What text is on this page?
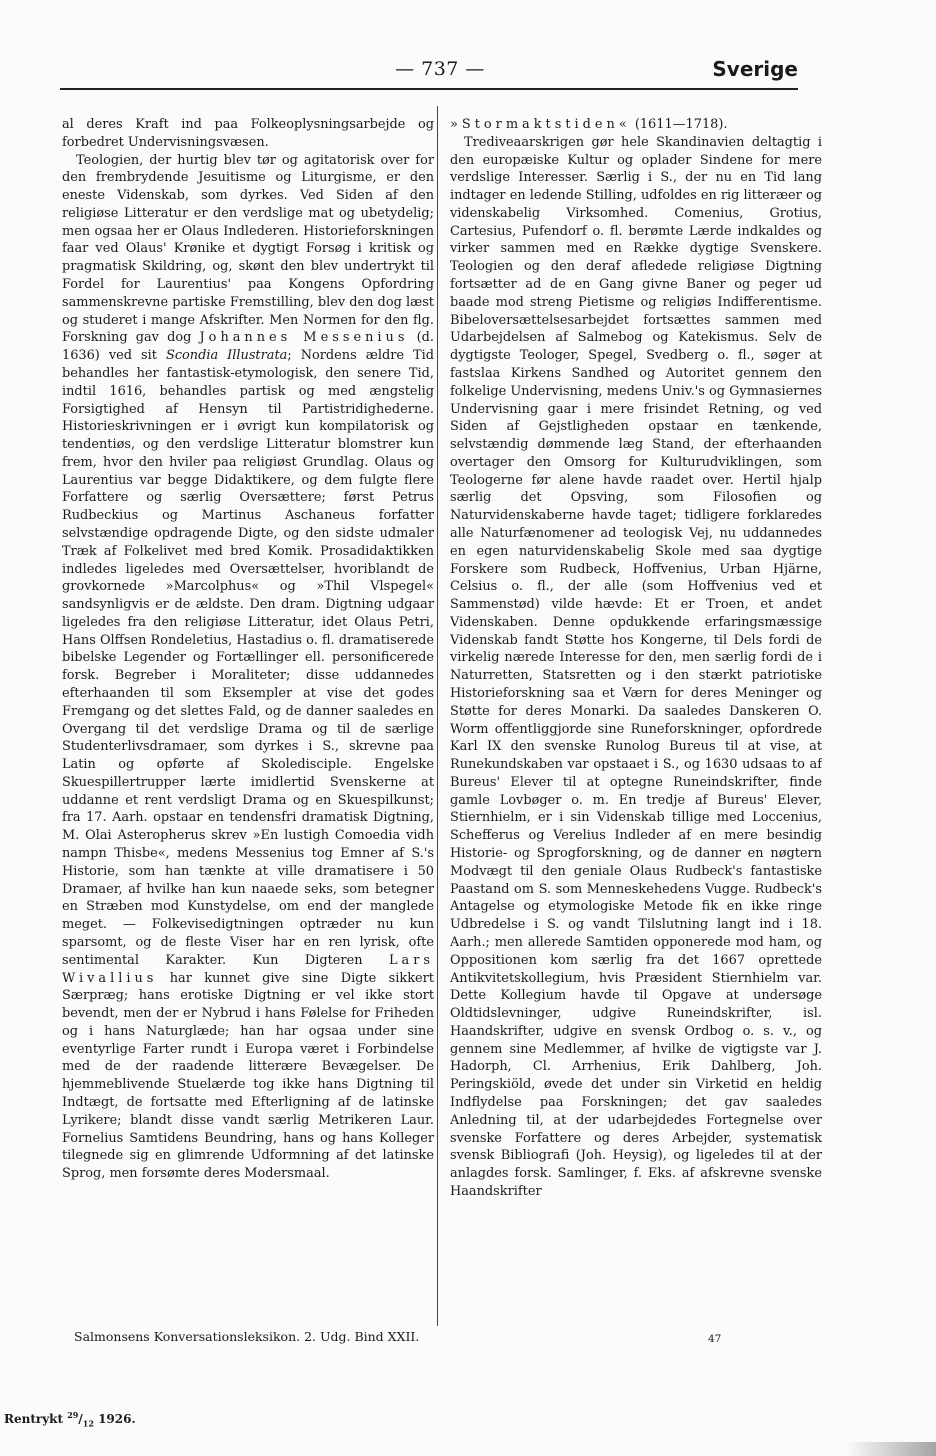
— 737 —	Sverige

al deres Kraft ind paa Folkeoplysningsarbejde og forbedret Undervisningsvæsen.

Teologien, der hurtig blev tør og agitatorisk over for den frembrydende Jesuitisme og Liturgisme, er den eneste Videnskab, som dyrkes. Ved Siden af den religiøse Litteratur er den verdslige mat og ubetydelig; men ogsaa her er Olaus Indlederen. Historieforskningen faar ved Olaus' Krønike et dygtigt Forsøg i kritisk og pragmatisk Skildring, og, skønt den blev undertrykt til Fordel for Laurentius' paa Kongens Opfordring sammenskrevne partiske Fremstilling, blev den dog læst og studeret i mange Afskrifter. Men Normen for den flg. Forskning gav dog Johannes Messenius (d. 1636) ved sit Scondia Illustrata; Nordens ældre Tid behandles her fantastisk-etymologisk, den senere Tid, indtil 1616, behandles partisk og med ængstelig Forsigtighed af Hensyn til Partistridighederne. Historieskrivningen er i øvrigt kun kompilatorisk og tendentiøs, og den verdslige Litteratur blomstrer kun frem, hvor den hviler paa religiøst Grundlag. Olaus og Laurentius var begge Didaktikere, og dem fulgte flere Forfattere og særlig Oversættere; først Petrus Rudbeckius og Martinus Aschaneus forfatter selvstændige opdragende Digte, og den sidste udmaler Træk af Folkelivet med bred Komik. Prosadidaktikken indledes ligeledes med Oversættelser, hvoriblandt de grovkornede »Marcolphus« og »Thil Vlspegel« sandsynligvis er de ældste. Den dram. Digtning udgaar ligeledes fra den religiøse Litteratur, idet Olaus Petri, Hans Olffsen Rondeletius, Hastadius o. fl. dramatiserede bibelske Legender og Fortællinger ell. personificerede forsk. Begreber i Moraliteter; disse uddannedes efterhaanden til som Eksempler at vise det godes Fremgang og det slettes Fald, og de danner saaledes en Overgang til det verdslige Drama og til de særlige Studenterlivsdramaer, som dyrkes i S., skrevne paa Latin og opførte af Skoledisciple. Engelske Skuespillertrupper lærte imidlertid Svenskerne at uddanne et rent verdsligt Drama og en Skuespilkunst; fra 17. Aarh. opstaar en tendensfri dramatisk Digtning, M. Olai Asteropherus skrev »En lustigh Comoedia vidh nampn Thisbe«, medens Messenius tog Emner af S.'s Historie, som han tænkte at ville dramatisere i 50 Dramaer, af hvilke han kun naaede seks, som betegner en Stræben mod Kunstydelse, om end der manglede meget. — Folkevisedigtningen optræder nu kun sparsomt, og de fleste Viser har en ren lyrisk, ofte sentimental Karakter. Kun Digteren Lars Wivallius har kunnet give sine Digte sikkert Særpræg; hans erotiske Digtning er vel ikke stort bevendt, men der er Nybrud i hans Følelse for Friheden og i hans Naturglæde; han har ogsaa under sine eventyrlige Farter rundt i Europa været i Forbindelse med de der raadende litterære Bevægelser. De hjemmeblivende Stuelærde tog ikke hans Digtning til Indtægt, de fortsatte med Efterligning af de latinske Lyrikere; blandt disse vandt særlig Metrikeren Laur. Fornelius Samtidens Beundring, hans og hans Kolleger tilegnede sig en glimrende Udformning af det latinske Sprog, men forsømte deres Modersmaal.

»Stormaktstiden« (1611—1718).

Trediveaarskrigen gør hele Skandinavien deltagtig i den europæiske Kultur og oplader Sindene for mere verdslige Interesser. Særlig i S., der nu en Tid lang indtager en ledende Stilling, udfoldes en rig litteræer og videnskabelig Virksomhed. Comenius, Grotius, Cartesius, Pufendorf o. fl. berømte Lærde indkaldes og virker sammen med en Række dygtige Svenskere. Teologien og den deraf afledede religiøse Digtning fortsætter ad de en Gang givne Baner og peger ud baade mod streng Pietisme og religiøs Indifferentisme. Bibeloversættelsesarbejdet fortsættes sammen med Udarbejdelsen af Salmebog og Katekismus. Selv de dygtigste Teologer, Spegel, Svedberg o. fl., søger at fastslaa Kirkens Sandhed og Autoritet gennem den folkelige Undervisning, medens Univ.'s og Gymnasiernes Undervisning gaar i mere frisindet Retning, og ved Siden af Gejstligheden opstaar en tænkende, selvstændig dømmende læg Stand, der efterhaanden overtager den Omsorg for Kulturudviklingen, som Teologerne før alene havde raadet over. Hertil hjalp særlig det Opsving, som Filosofien og Naturvidenskaberne havde taget; tidligere forklaredes alle Naturfænomener ad teologisk Vej, nu uddannedes en egen naturvidenskabelig Skole med saa dygtige Forskere som Rudbeck, Hoffvenius, Urban Hjärne, Celsius o. fl., der alle (som Hoffvenius ved et Sammenstød) vilde hævde: Et er Troen, et andet Videnskaben. Denne opdukkende erfaringsmæssige Videnskab fandt Støtte hos Kongerne, til Dels fordi de virkelig nærede Interesse for den, men særlig fordi de i Naturretten, Statsretten og i den stærkt patriotiske Historieforskning saa et Værn for deres Meninger og Støtte for deres Monarki. Da saaledes Danskeren O. Worm offentliggjorde sine Runeforskninger, opfordrede Karl IX den svenske Runolog Bureus til at vise, at Runekundskaben var opstaaet i S., og 1630 udsaas to af Bureus' Elever til at optegne Runeindskrifter, finde gamle Lovbøger o. m. En tredje af Bureus' Elever, Stiernhielm, er i sin Videnskab tillige med Loccenius, Schefferus og Verelius Indleder af en mere besindig Historie- og Sprogforskning, og de danner en nøgtern Modvægt til den geniale Olaus Rudbeck's fantastiske Paastand om S. som Menneskehedens Vugge. Rudbeck's Antagelse og etymologiske Metode fik en ikke ringe Udbredelse i S. og vandt Tilslutning langt ind i 18. Aarh.; men allerede Samtiden opponerede mod ham, og Oppositionen kom særlig fra det 1667 oprettede Antikvitetskollegium, hvis Præsident Stiernhielm var. Dette Kollegium havde til Opgave at undersøge Oldtidslevninger, udgive Runeindskrifter, isl. Haandskrifter, udgive en svensk Ordbog o. s. v., og gennem sine Medlemmer, af hvilke de vigtigste var J. Hadorph, Cl. Arrhenius, Erik Dahlberg, Joh. Peringskiöld, øvede det under sin Virketid en heldig Indflydelse paa Forskningen; det gav saaledes Anledning til, at der udarbejdedes Fortegnelse over svenske Forfattere og deres Arbejder, systematisk svensk Bibliografi (Joh. Heysig), og ligeledes til at der anlagdes forsk. Samlinger, f. Eks. af afskrevne svenske Haandskrifter

Salmonsens Konversationsleksikon. 2. Udg. Bind XXII.	47
Rentrykt $^{29}/_{12}$ 1926.
